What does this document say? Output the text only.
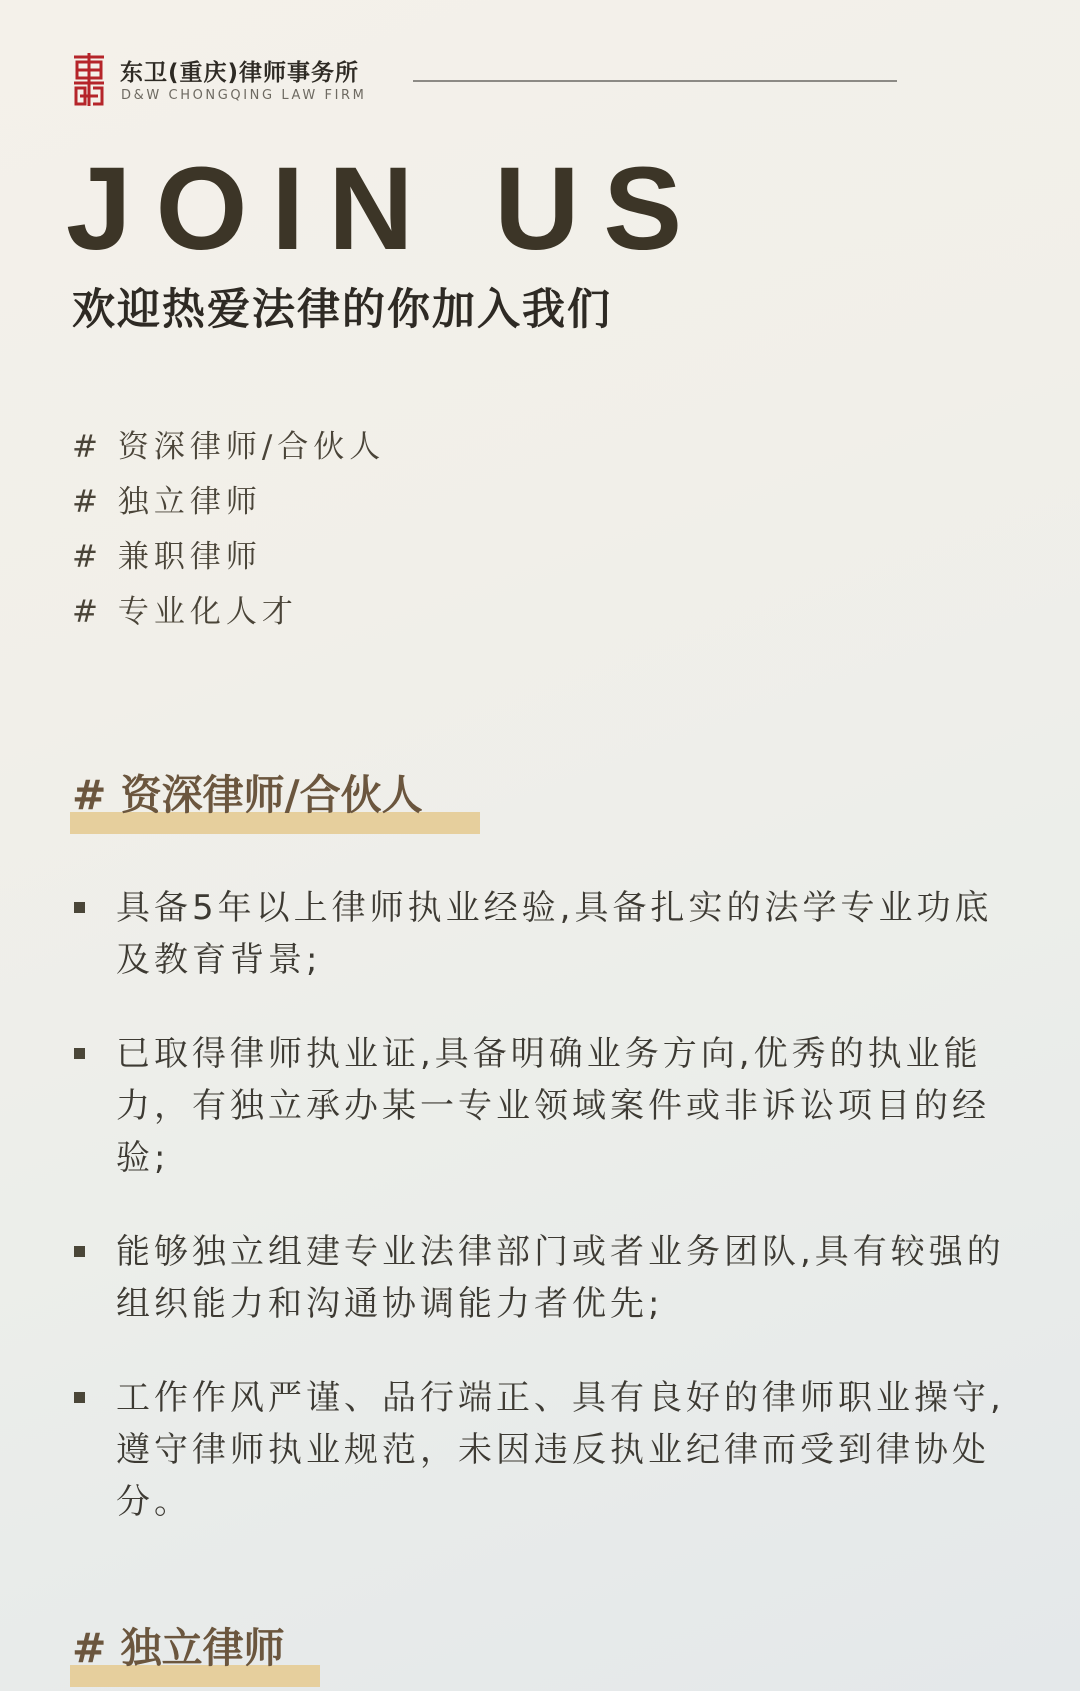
东卫(重庆)律师事务所
D&W CHONGQING LAW FIRM
JOIN US
欢迎热爱法律的你加入我们
# 资深律师/合伙人
# 独立律师
# 兼职律师
# 专业化人才
# 资深律师/合伙人
具备5年以上律师执业经验,具备扎实的法学专业功底及教育背景;
已取得律师执业证,具备明确业务方向,优秀的执业能力，有独立承办某一专业领域案件或非诉讼项目的经验;
能够独立组建专业法律部门或者业务团队,具有较强的组织能力和沟通协调能力者优先;
工作作风严谨、品行端正、具有良好的律师职业操守,遵守律师执业规范，未因违反执业纪律而受到律协处分。
# 独立律师
